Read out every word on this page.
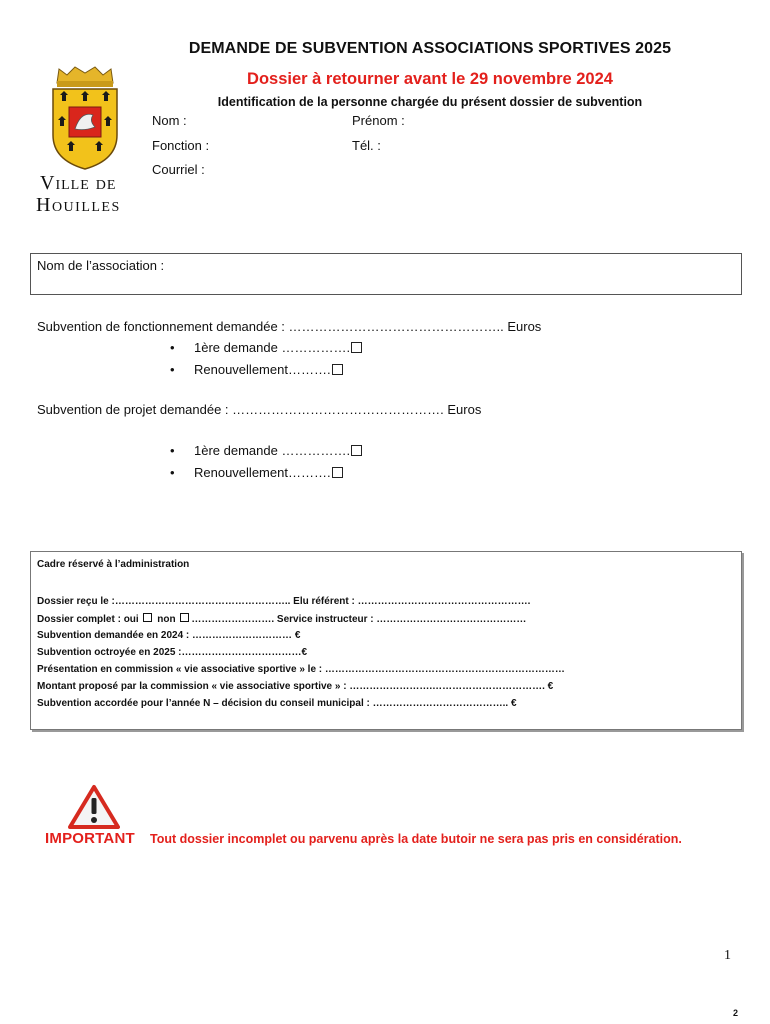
DEMANDE DE SUBVENTION ASSOCIATIONS SPORTIVES 2025
Dossier à retourner avant le 29 novembre 2024
Identification de la personne chargée du présent dossier de subvention
Ville de
Houilles
Nom :	Prénom :
Fonction :	Tél. :
Courriel :
Nom de l’association :
Subvention de fonctionnement demandée : ………………………………………….. Euros
• 1ère demande …………….
• Renouvellement……….
Subvention de projet demandée : …………………………………………. Euros
• 1ère demande …………….
• Renouvellement……….
Cadre réservé à l’administration
Dossier reçu le :…………………………………………….. Elu référent : …………………………………………….
Dossier complet : oui non ……………………. Service instructeur : ………………………………………
Subvention demandée en 2024 : ………………………… €
Subvention octroyée en 2025 :………………………………€
Présentation en commission « vie associative sportive » le : ………………………………………………………………
Montant proposé par la commission « vie associative sportive » : …………………….……………………………. €
Subvention accordée pour l’année N – décision du conseil municipal : ………………………………….. €
IMPORTANT Tout dossier incomplet ou parvenu après la date butoir ne sera pas pris en considération.
1
2
